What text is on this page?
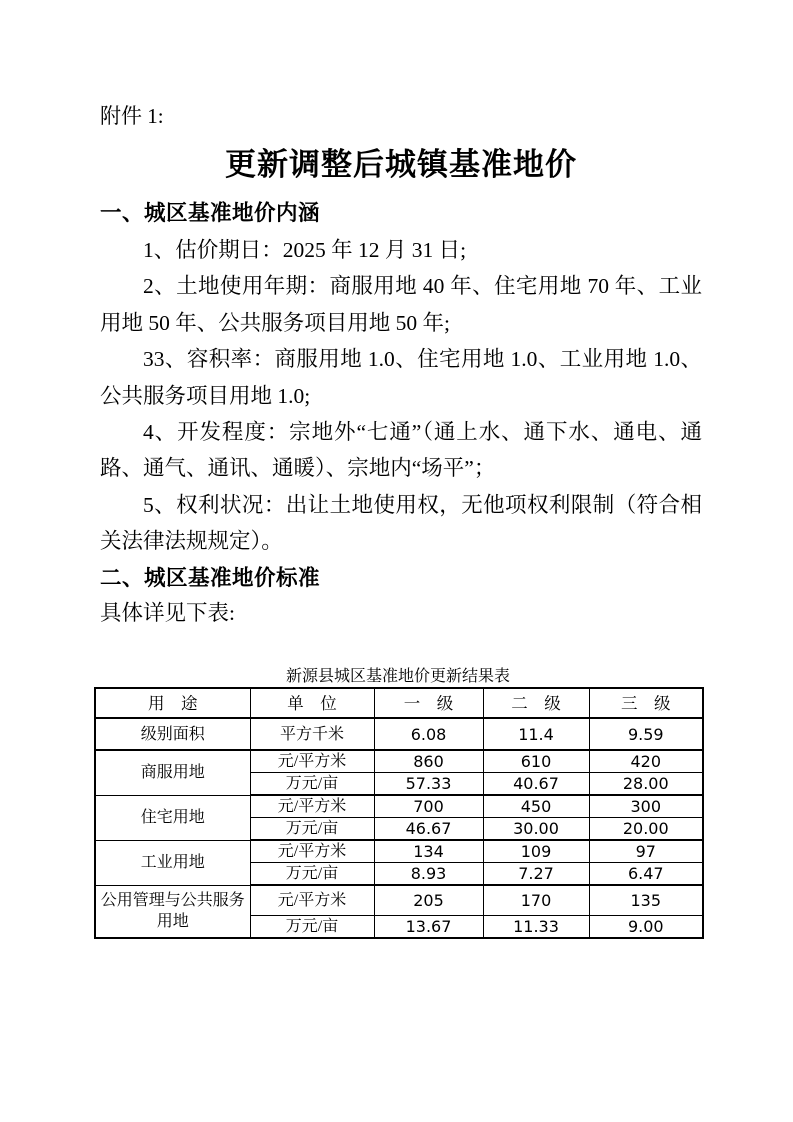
附件 1:
更新调整后城镇基准地价
一、城区基准地价内涵

1、估价期日：2025 年 12 月 31 日;

2、土地使用年期：商服用地 40 年、住宅用地 70 年、工业用地 50 年、公共服务项目用地 50 年;

33、容积率：商服用地 1.0、住宅用地 1.0、工业用地 1.0、公共服务项目用地 1.0;

4、开发程度：宗地外“七通”（通上水、通下水、通电、通路、通气、通讯、通暖）、宗地内“场平”；

5、权利状况：出让土地使用权，无他项权利限制（符合相关法律法规规定）。

二、城区基准地价标准

具体详见下表:

新源县城区基准地价更新结果表
用　途	单　位	一　级	二　级	三　级
级别面积	平方千米	6.08	11.4	9.59
商服用地	元/平方米	860	610	420
	万元/亩	57.33	40.67	28.00
住宅用地	元/平方米	700	450	300
	万元/亩	46.67	30.00	20.00
工业用地	元/平方米	134	109	97
	万元/亩	8.93	7.27	6.47
公用管理与公共服务用地	元/平方米	205	170	135
	万元/亩	13.67	11.33	9.00
